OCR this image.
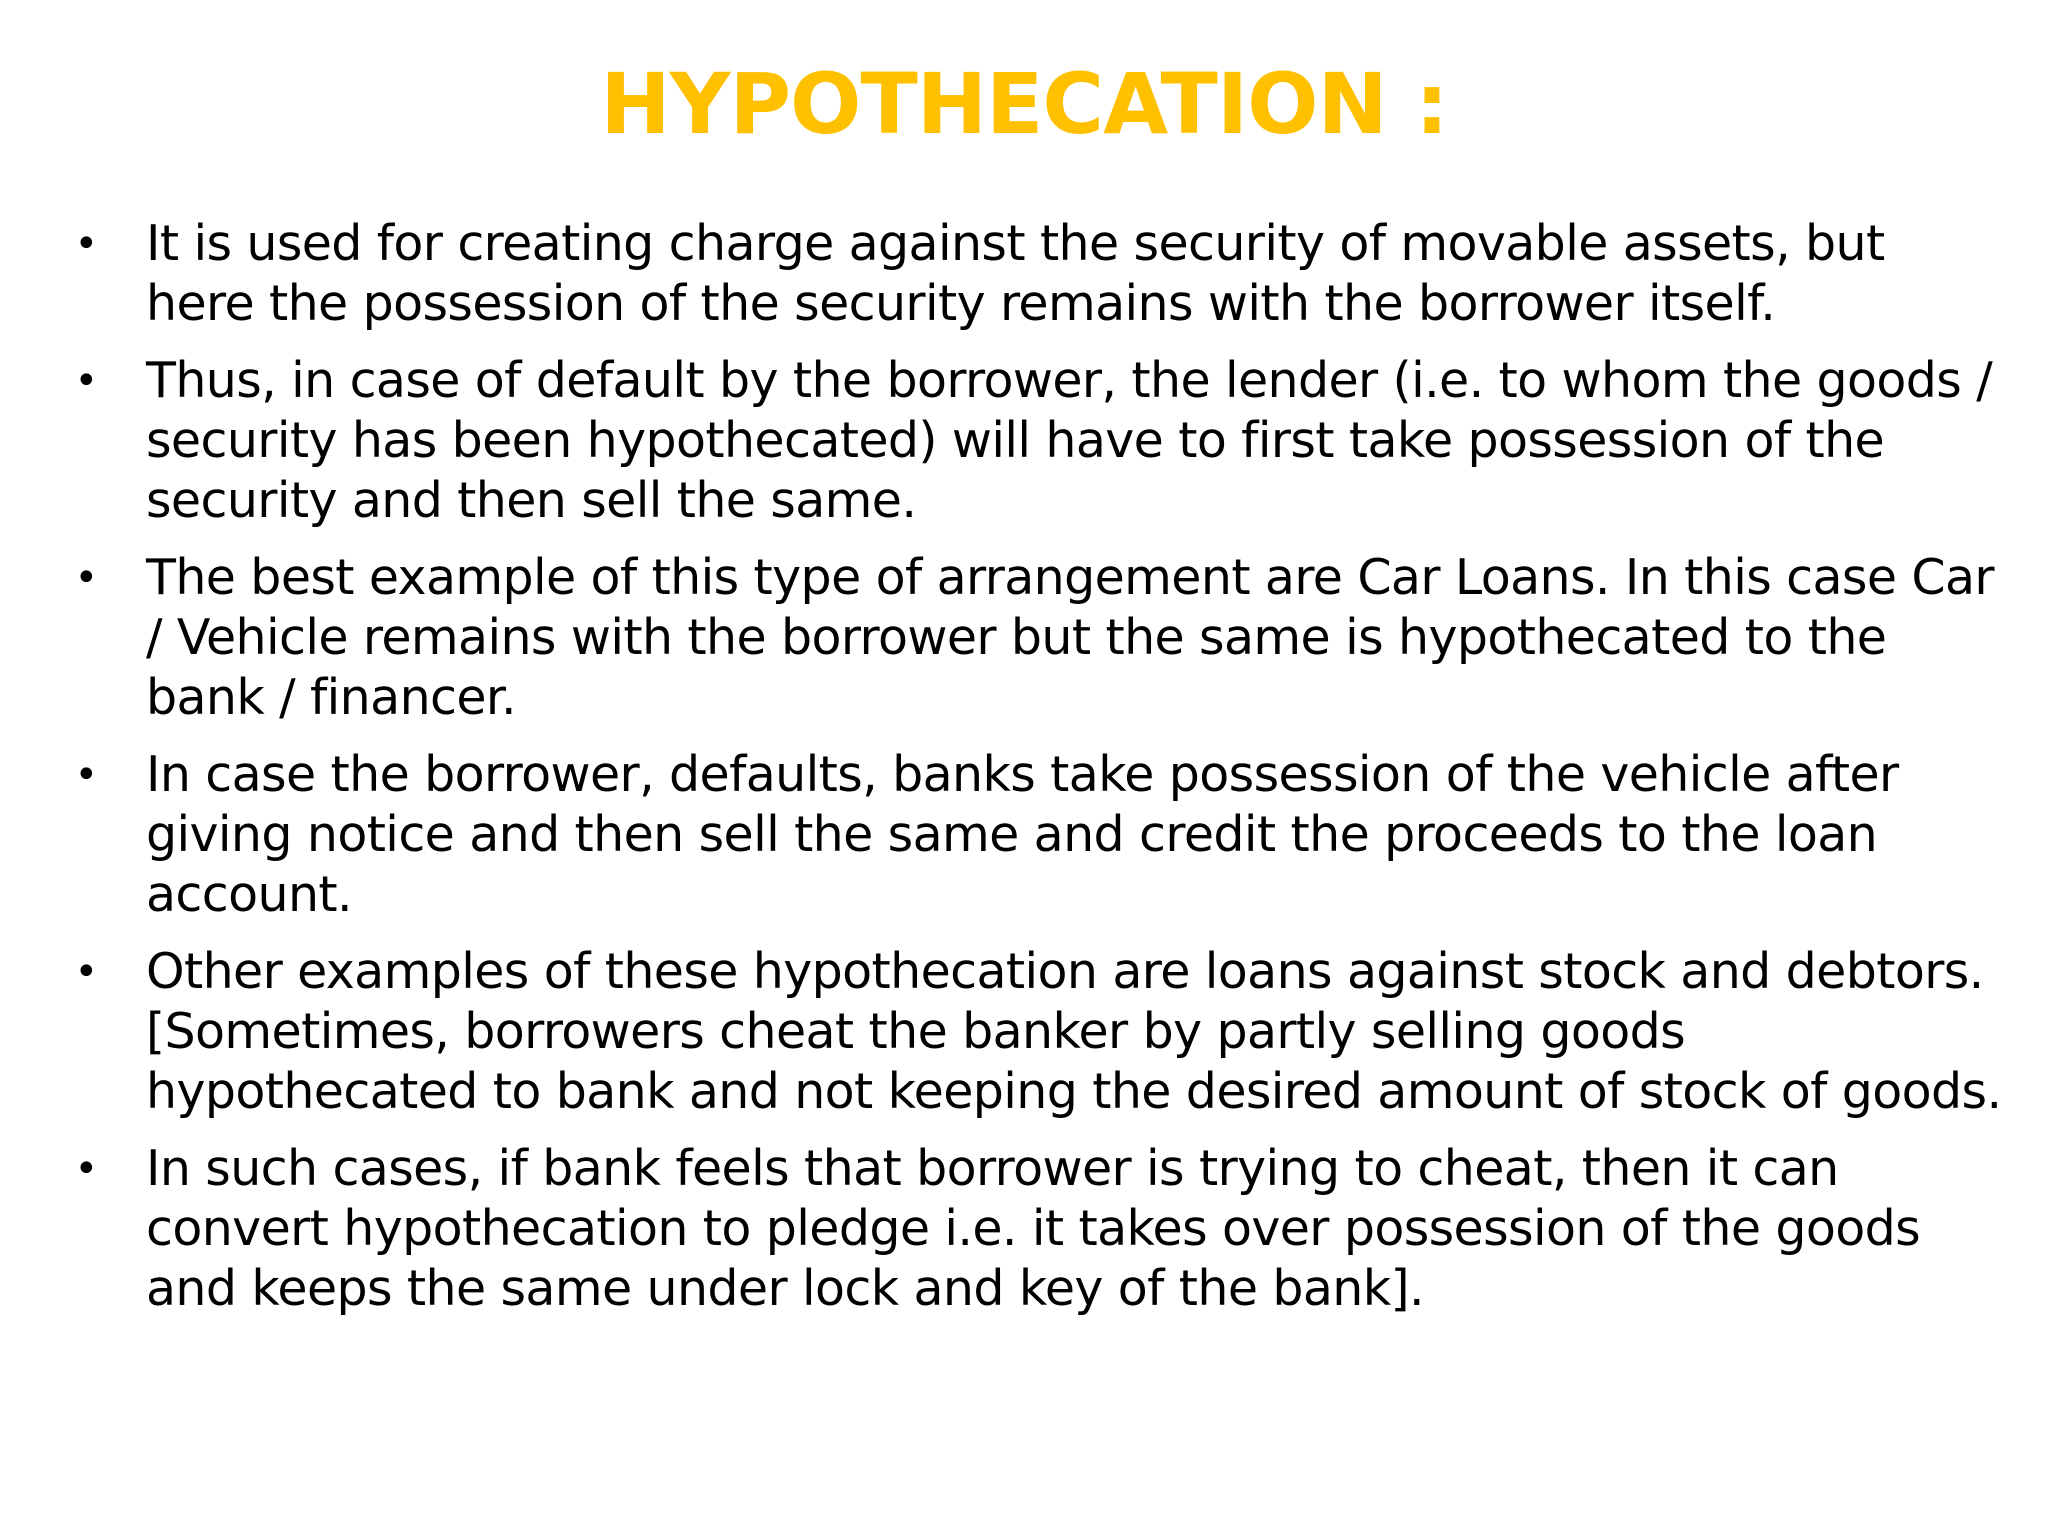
HYPOTHECATION :
• It is used for creating charge against the security of movable assets, but here the possession of the security remains with the borrower itself.
• Thus, in case of default by the borrower, the lender (i.e. to whom the goods / security has been hypothecated) will have to first take possession of the security and then sell the same.
• The best example of this type of arrangement are Car Loans. In this case Car / Vehicle remains with the borrower but the same is hypothecated to the bank / financer.
• In case the borrower, defaults, banks take possession of the vehicle after giving notice and then sell the same and credit the proceeds to the loan account.
• Other examples of these hypothecation are loans against stock and debtors. [Sometimes, borrowers cheat the banker by partly selling goods hypothecated to bank and not keeping the desired amount of stock of goods.
• In such cases, if bank feels that borrower is trying to cheat, then it can convert hypothecation to pledge i.e. it takes over possession of the goods and keeps the same under lock and key of the bank].
